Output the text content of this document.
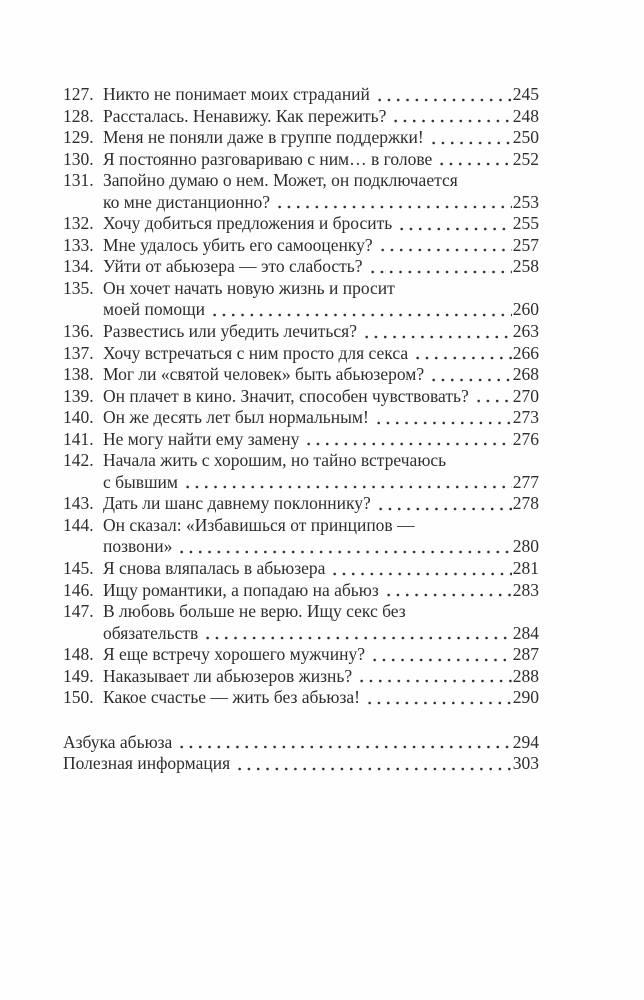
127. Никто не понимает моих страданий	245
128. Рассталась. Ненавижу. Как пережить?	248
129. Меня не поняли даже в группе поддержки!	250
130. Я постоянно разговариваю с ним… в голове	252
131. Запойно думаю о нем. Может, он подключается
ко мне дистанционно?	253
132. Хочу добиться предложения и бросить	255
133. Мне удалось убить его самооценку?	257
134. Уйти от абьюзера — это слабость?	258
135. Он хочет начать новую жизнь и просит
моей помощи	260
136. Развестись или убедить лечиться?	263
137. Хочу встречаться с ним просто для секса	266
138. Мог ли «святой человек» быть абьюзером?	268
139. Он плачет в кино. Значит, способен чувствовать?	270
140. Он же десять лет был нормальным!	273
141. Не могу найти ему замену	276
142. Начала жить с хорошим, но тайно встречаюсь
с бывшим	277
143. Дать ли шанс давнему поклоннику?	278
144. Он сказал: «Избавишься от принципов —
позвони»	280
145. Я снова вляпалась в абьюзера	281
146. Ищу романтики, а попадаю на абьюз	283
147. В любовь больше не верю. Ищу секс без
обязательств	284
148. Я еще встречу хорошего мужчину?	287
149. Наказывает ли абьюзеров жизнь?	288
150. Какое счастье — жить без абьюза!	290
Азбука абьюза	294
Полезная информация	303
